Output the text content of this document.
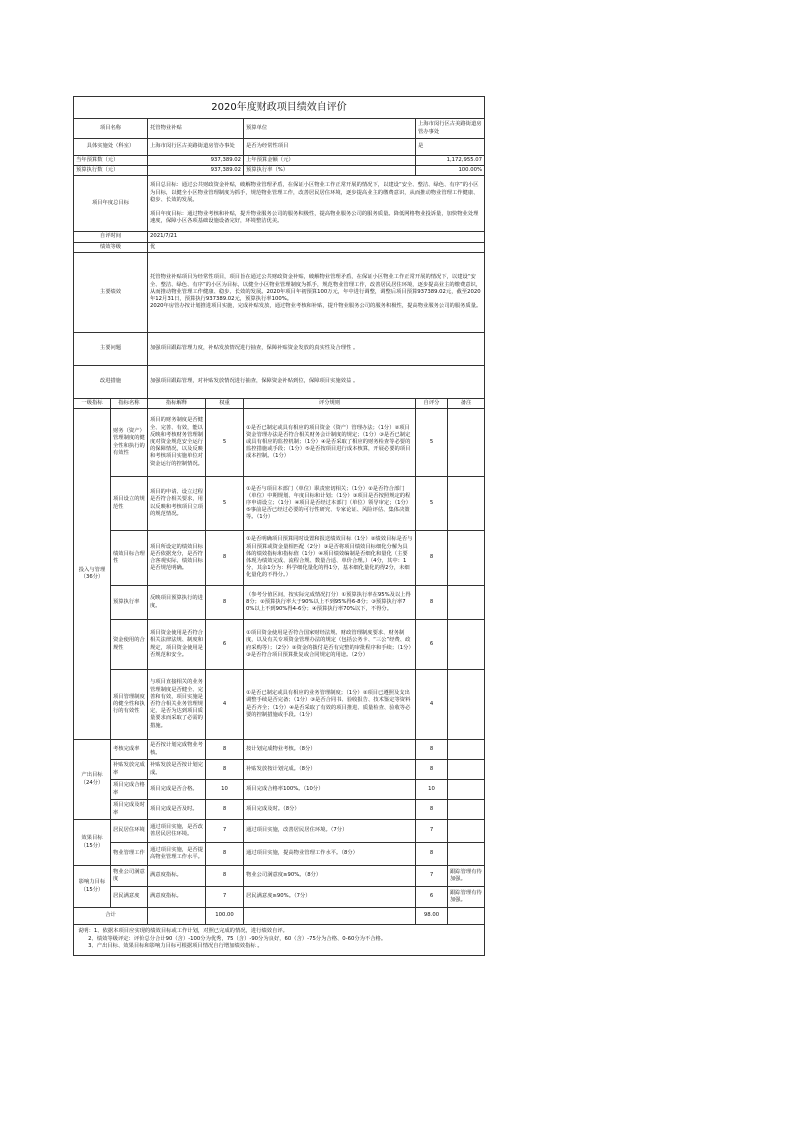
2020年度财政项目绩效自评价						
项目名称		托管物业补贴		预算单位	上海市闵行区古美路街道房管办事处	
具体实施处（科室）		上海市闵行区古美路街道房管办事处		是否为经常性项目	是	
当年预算数（元）		937,389.02		上年预算金额（元）	1,172,955.07	
预算执行数（元）		937,389.02		预算执行率（%）	100.00%	
项目年度总目标		项目总目标：通过公共财政资金补贴，破解物业管理矛盾，在保证小区物业工作正常开展的情况下，以建设“安全、整洁、绿色、有序”的小区为目标，以健全小区物业管理制度为抓手，规范物业管理工作，改善居民居住环境，逐步提高业主的缴费意识，从而推动物业管理工作健康、稳步、长效的发展。

项目年度目标：通过物业考核和补贴，提升物业服务公司的服务积极性，提高物业服务公司的服务质量。降低网格物业投诉量，加快物业处理速度，保障小区各项基础设施设备完好，环境整洁优美。				
自评时间		2021/7/21				
绩效等级		优				
主要绩效		托管物业补贴项目为经常性项目，项目旨在通过公共财政资金补贴，破解物业管理矛盾，在保证小区物业工作正常开展的情况下，以建设“安全、整洁、绿色、有序”的小区为目标，以健全小区物业管理制度为抓手，规范物业管理工作，改善居民居住环境，逐步提高业主的缴费意识，从而推动物业管理工作健康、稳步、长效的发展。2020年项目年初预算100万元，年中进行调整，调整后项目预算937389.02元，截至2020年12月31日，预算执行937389.02元，预算执行率100%。
2020年房管办按计划推进项目实施，完成补贴发放，通过物业考核和补贴，提升物业服务公司的服务积极性，提高物业服务公司的服务质量。				
主要问题		加强项目跟踪管理力度，补贴发放情况进行抽查，保障补贴资金发放的真实性及合理性 。				
改进措施		加强项目跟踪管理，对补贴发放情况进行抽查，保障资金补贴到位，保障项目实施效益 。				
一级指标	指标名称	指标解释	权重	评分规则	自评分	备注
投入与管理
（36分）	财务（资产）管理制度的健全性和执行的有效性	项目的财务制度是否健全、完善、有效，能以反映和考核财务管理制度对资金规范安全运行的保障情况，以及反映和考核项目实施单位对资金运行的控制情况。	5	①是否已制定或具有相应的项目资金（资产）管理办法；（1分）②项目资金管理办法是否符合相关财务会计制度的规定；（1分）③是否已制定或具有相应的监控机制；（1分）④是否采取了相应的财务检查等必要的监控措施或手段；（1分）⑤是否按项目进行成本核算，开展必要的项目成本控制。（1分）	5	
	项目设立的规范性	项目的申请、设立过程是否符合相关要求，用以反映和考核项目立项的规范情况。	5	①是否与项目本部门（单位）职责密切相关；（1分）②是否符合部门（单位）中期规划、年度目标和计划；（1分）③项目是否按照规定的程序申请设立；（1分）④项目是否经过本部门（单位）领导审定；（1分）⑤事前是否已经过必要的可行性研究、专家论证、风险评估、集体决策等。（1分）	5	
	绩效目标合理性	项目所设定的绩效目标是否依据充分，是否符合客观实际，绩效目标是否规范明确。	8	①是否明确项目预算同时设置和报送绩效目标（1分）②绩效目标是否与项目预算或资金量相匹配（2分）③是否将项目绩效目标细化分解为具体的绩效指标和指标值（1分）④项目绩效编制是否细化和量化（主要体现为绩效完成、流程合规、数量合适、单价合理。）（4分，其中：1分，其余1分为：科学细化量化的得1分，基本细化量化的得2分，未细化量化的不得分。）	8	
	预算执行率	反映项目预算执行的进度。	8	（参考分值区间，按实际完成情况打分）①预算执行率在95%及以上得8分；②预算执行率大于90%以上不到95%得6-8分；③预算执行率70%以上不到90%得4-6分；④预算执行率70%以下，不得分。	8	
	资金使用的合规性	项目资金使用是否符合相关法律法规、制度和规定，项目资金使用是否规范和安全。	6	①项目资金使用是否符合国家财经法规、财政管理制度要求、财务制度，以及有关专项资金管理办法的规定（包括公务卡、“三公”经费、政府采购等）；（2分）②资金的拨付是否有完整的审批程序和手续；（1分）③是否符合项目预算批复或合同规定的用途。（2分）	6	
	项目管理制度的健全性和执行的有效性	与项目直接相关的业务管理制度是否健全、完善和有效，项目实施是否符合相关业务管理规定，是否为达到项目质量要求而采取了必需的措施。	4	①是否已制定或具有相应的业务管理制度；（1分）②项目已遵照及支出调整手续是否完备；（1分）③是否合同书、验收报告、技术鉴定等资料是否齐全；（1分）④是否采取了有效的项目推进、质量检查、验收等必要的控制措施或手段。（1分）	4	
产出目标
（24分）	考核完成率	是否按计划完成物业考核。	8	按计划完成物业考核。（8分）	8	
	补贴发放完成率	补贴发放是否按计划完成。	8	补贴发放按计划完成。（8分）	8	
	项目完成合格率	项目完成是否合格。	10	项目完成合格率100%。（10分）	10	
	项目完成及时率	项目完成是否及时。	8	项目完成及时。（8分）	8	
效果目标
（15分）	居民居住环境	通过项目实施，是否改善居民居住环境。	7	通过项目实施，改善居民居住环境。（7分）	7	
	物业管理工作	通过项目实施，是否提高物业管理工作水平。	8	通过项目实施，提高物业管理工作水平。（8分）	8	
影响力目标
（15分）	物业公司满意度	满意度指标。	8	物业公司满意度≥90%。（8分）	7	跟踪管理有待加强。
	居民满意度	满意度指标。	7	居民满意度≥90%。（7分）	6	跟踪管理有待加强。
合计			100.00		98.00	
说明：1、依据本项目应实现的绩效目标或工作计划，对照已完成的情况，进行绩效自评。
2、绩效等级评定：评价总分合计90（含）-100分为优秀，75（含）-90分为良好，60（含）-75分为合格、0-60分为不合格。
3、产出目标、效果目标和影响力目标可根据项目情况自行增加绩效指标 。						
